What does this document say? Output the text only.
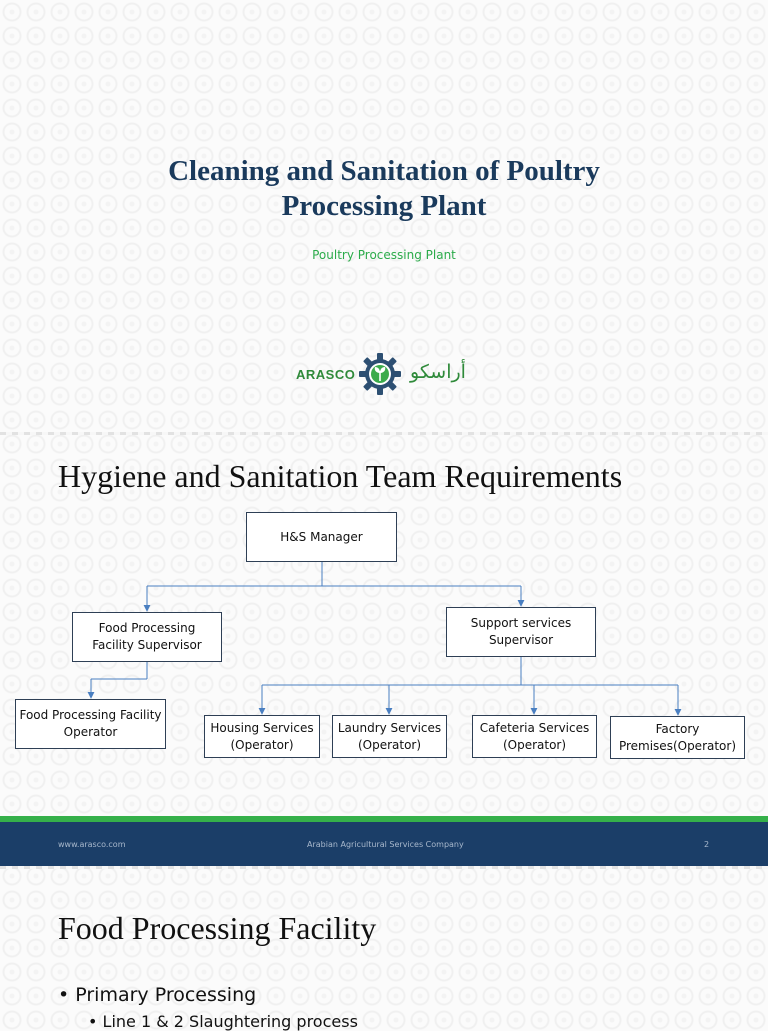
Cleaning and Sanitation of Poultry
Processing Plant
Poultry Processing Plant
ARASCO	أراسكو
Hygiene and Sanitation Team Requirements
H&S Manager
Food Processing Facility Supervisor
Support services Supervisor
Food Processing Facility Operator	Housing Services (Operator)
Laundry Services (Operator)
Cafeteria Services (Operator)
Factory Premises(Operator)
www.arasco.com	Arabian Agricultural Services Company	2
Food Processing Facility
• Primary Processing
• Line 1 & 2 Slaughtering process
